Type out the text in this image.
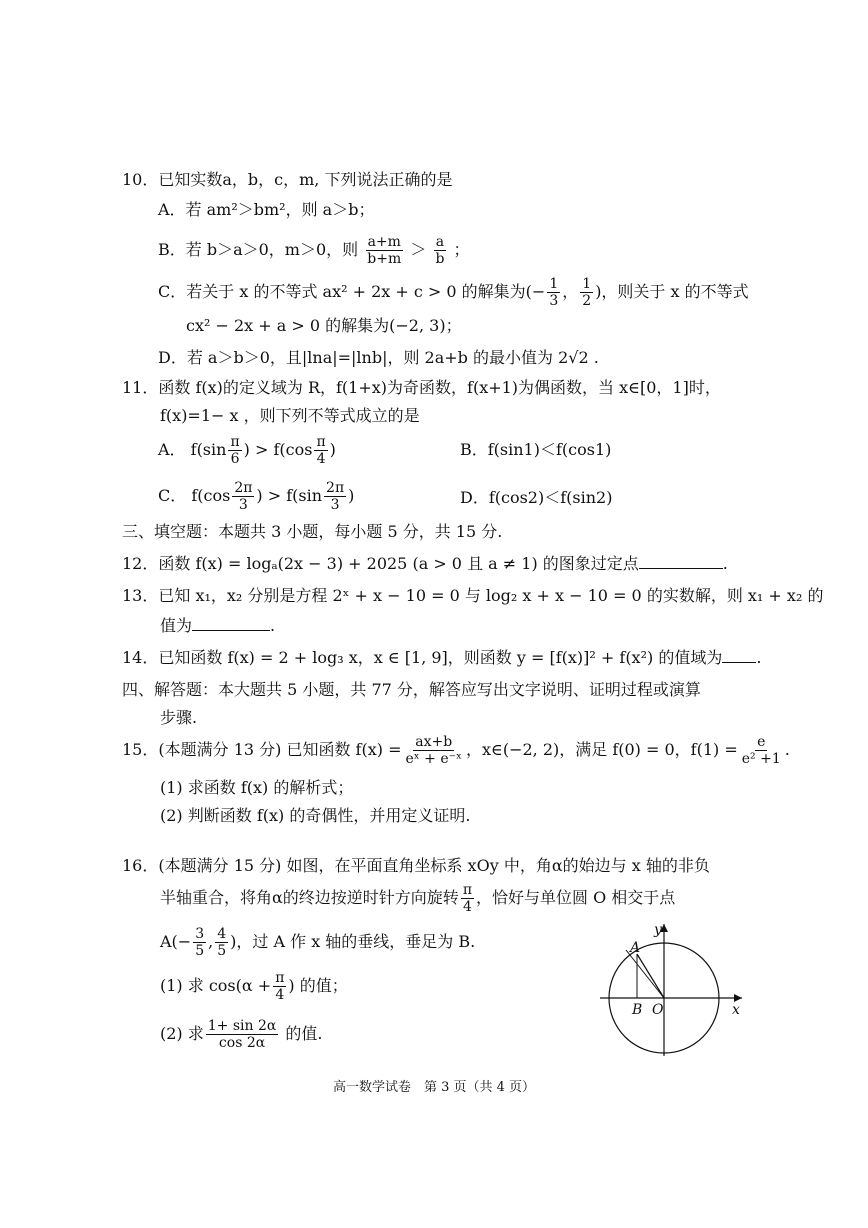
10．已知实数a，b，c，m, 下列说法正确的是
A．若 am²＞bm²，则 a＞b；
B．若 b＞a＞0，m＞0，则 $\frac{a+m}{b+m} > \frac{a}{b}$ ；
C．若关于 x 的不等式 ax² + 2x + c > 0 的解集为(− $\frac{1}{3}$ ， $\frac{1}{2}$ )，则关于 x 的不等式
cx² − 2x + a > 0 的解集为(−2, 3)；
D．若 a＞b＞0，且|lna|=|lnb|，则 2a+b 的最小值为 2√2 .
11．函数 f(x)的定义域为 R，f(1+x)为奇函数，f(x+1)为偶函数，当 x∈[0，1]时，
f(x)=1− x ，则下列不等式成立的是
A． $f(\sin \frac{\pi}{6}$ ) > $f(\cos \frac{\pi}{4}$ )	B．f(sin1)＜f(cos1)
C． $f(\cos \frac{2\pi}{3}$ ) > $f(\sin \frac{2\pi}{3}$ )	D．f(cos2)＜f(sin2)
三、填空题：本题共 3 小题，每小题 5 分，共 15 分.
12．函数 f(x) = logₐ(2x − 3) + 2025 (a > 0 且 a ≠ 1) 的图象过定点	.
13．已知 x₁，x₂ 分别是方程 2ˣ + x − 10 = 0 与 log₂ x + x − 10 = 0 的实数解，则 x₁ + x₂ 的
值为	.
14．已知函数 f(x) = 2 + log₃ x，x ∈ [1, 9]，则函数 y = [f(x)]² + f(x²) 的值域为 .
四、解答题：本大题共 5 小题，共 77 分，解答应写出文字说明、证明过程或演算
步骤.
15．(本题满分 13 分) 已知函数 $f(x) = \frac{ax+b}{\text{eˣ + e⁻ˣ}}$ ，x∈(−2, 2)，满足 f(0) = 0，$f(1) = \frac{e}{\text{e² +1}}$ .
(1) 求函数 f(x) 的解析式；
(2) 判断函数 f(x) 的奇偶性，并用定义证明.
16．(本题满分 15 分) 如图，在平面直角坐标系 xOy 中，角α的始边与 x 轴的非负
半轴重合，将角α的终边按逆时针方向旋转 $\frac{\pi}{4}$ ，恰好与单位圆 O 相交于点
$A(- \frac{3}{5}$ , $\frac{4}{5}$ )，过 A 作 x 轴的垂线，垂足为 B.
(1) 求 $\cos(\alpha + \frac{\pi}{4}$ ) 的值；
(2) 求 $\frac{1+ \sin 2\alpha}{\cos 2\alpha}$ 的值.
y
x
A
B O
高一数学试卷　第 3 页（共 4 页）
